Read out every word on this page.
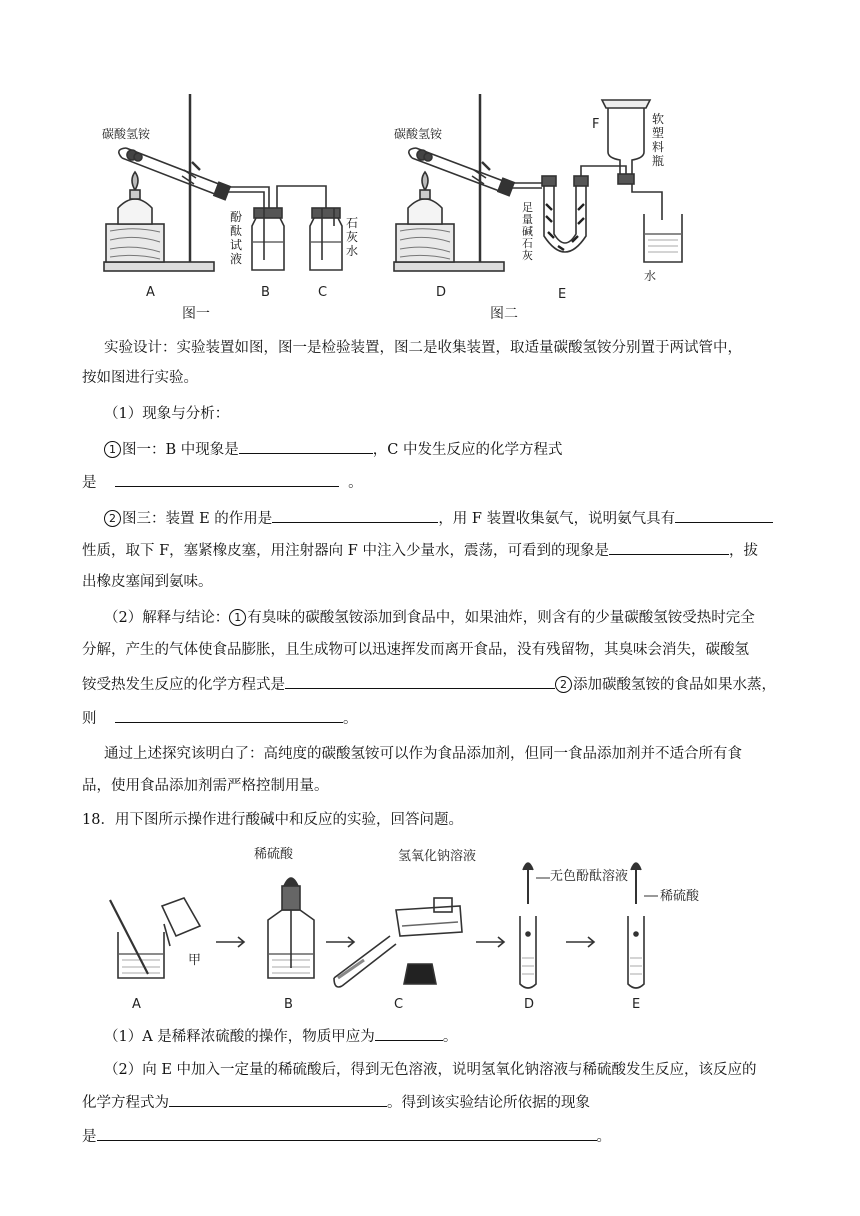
碳酸氢铵	碳酸氢铵
F
水
A	B	C
图一
D	E
图二
酚酞试液
石灰水
软塑料瓶
足量碱石灰
实验设计：实验装置如图，图一是检验装置，图二是收集装置，取适量碳酸氢铵分别置于两试管中，
按如图进行实验。
（1）现象与分析：
1 图一：B 中现象是	，C 中发生反应的化学方程式
是	。
2 图三：装置 E 的作用是	，用 F 装置收集氨气，说明氨气具有
性质，取下 F，塞紧橡皮塞，用注射器向 F 中注入少量水，震荡，可看到的现象是	，拔
出橡皮塞闻到氨味。
（2）解释与结论： 1 有臭味的碳酸氢铵添加到食品中，如果油炸，则含有的少量碳酸氢铵受热时完全
分解，产生的气体使食品膨胀，且生成物可以迅速挥发而离开食品，没有残留物，其臭味会消失，碳酸氢
铵受热发生反应的化学方程式是	2 添加碳酸氢铵的食品如果水蒸，
则	。
通过上述探究该明白了：高纯度的碳酸氢铵可以作为食品添加剂，但同一食品添加剂并不适合所有食
品，使用食品添加剂需严格控制用量。
18．用下图所示操作进行酸碱中和反应的实验，回答问题。
稀硫酸	氢氧化钠溶液
无色酚酞溶液
稀硫酸
甲
A	B	C	D	E
（1）A 是稀释浓硫酸的操作，物质甲应为	。
（2）向 E 中加入一定量的稀硫酸后，得到无色溶液，说明氢氧化钠溶液与稀硫酸发生反应，该反应的
化学方程式为	。得到该实验结论所依据的现象
是	。
